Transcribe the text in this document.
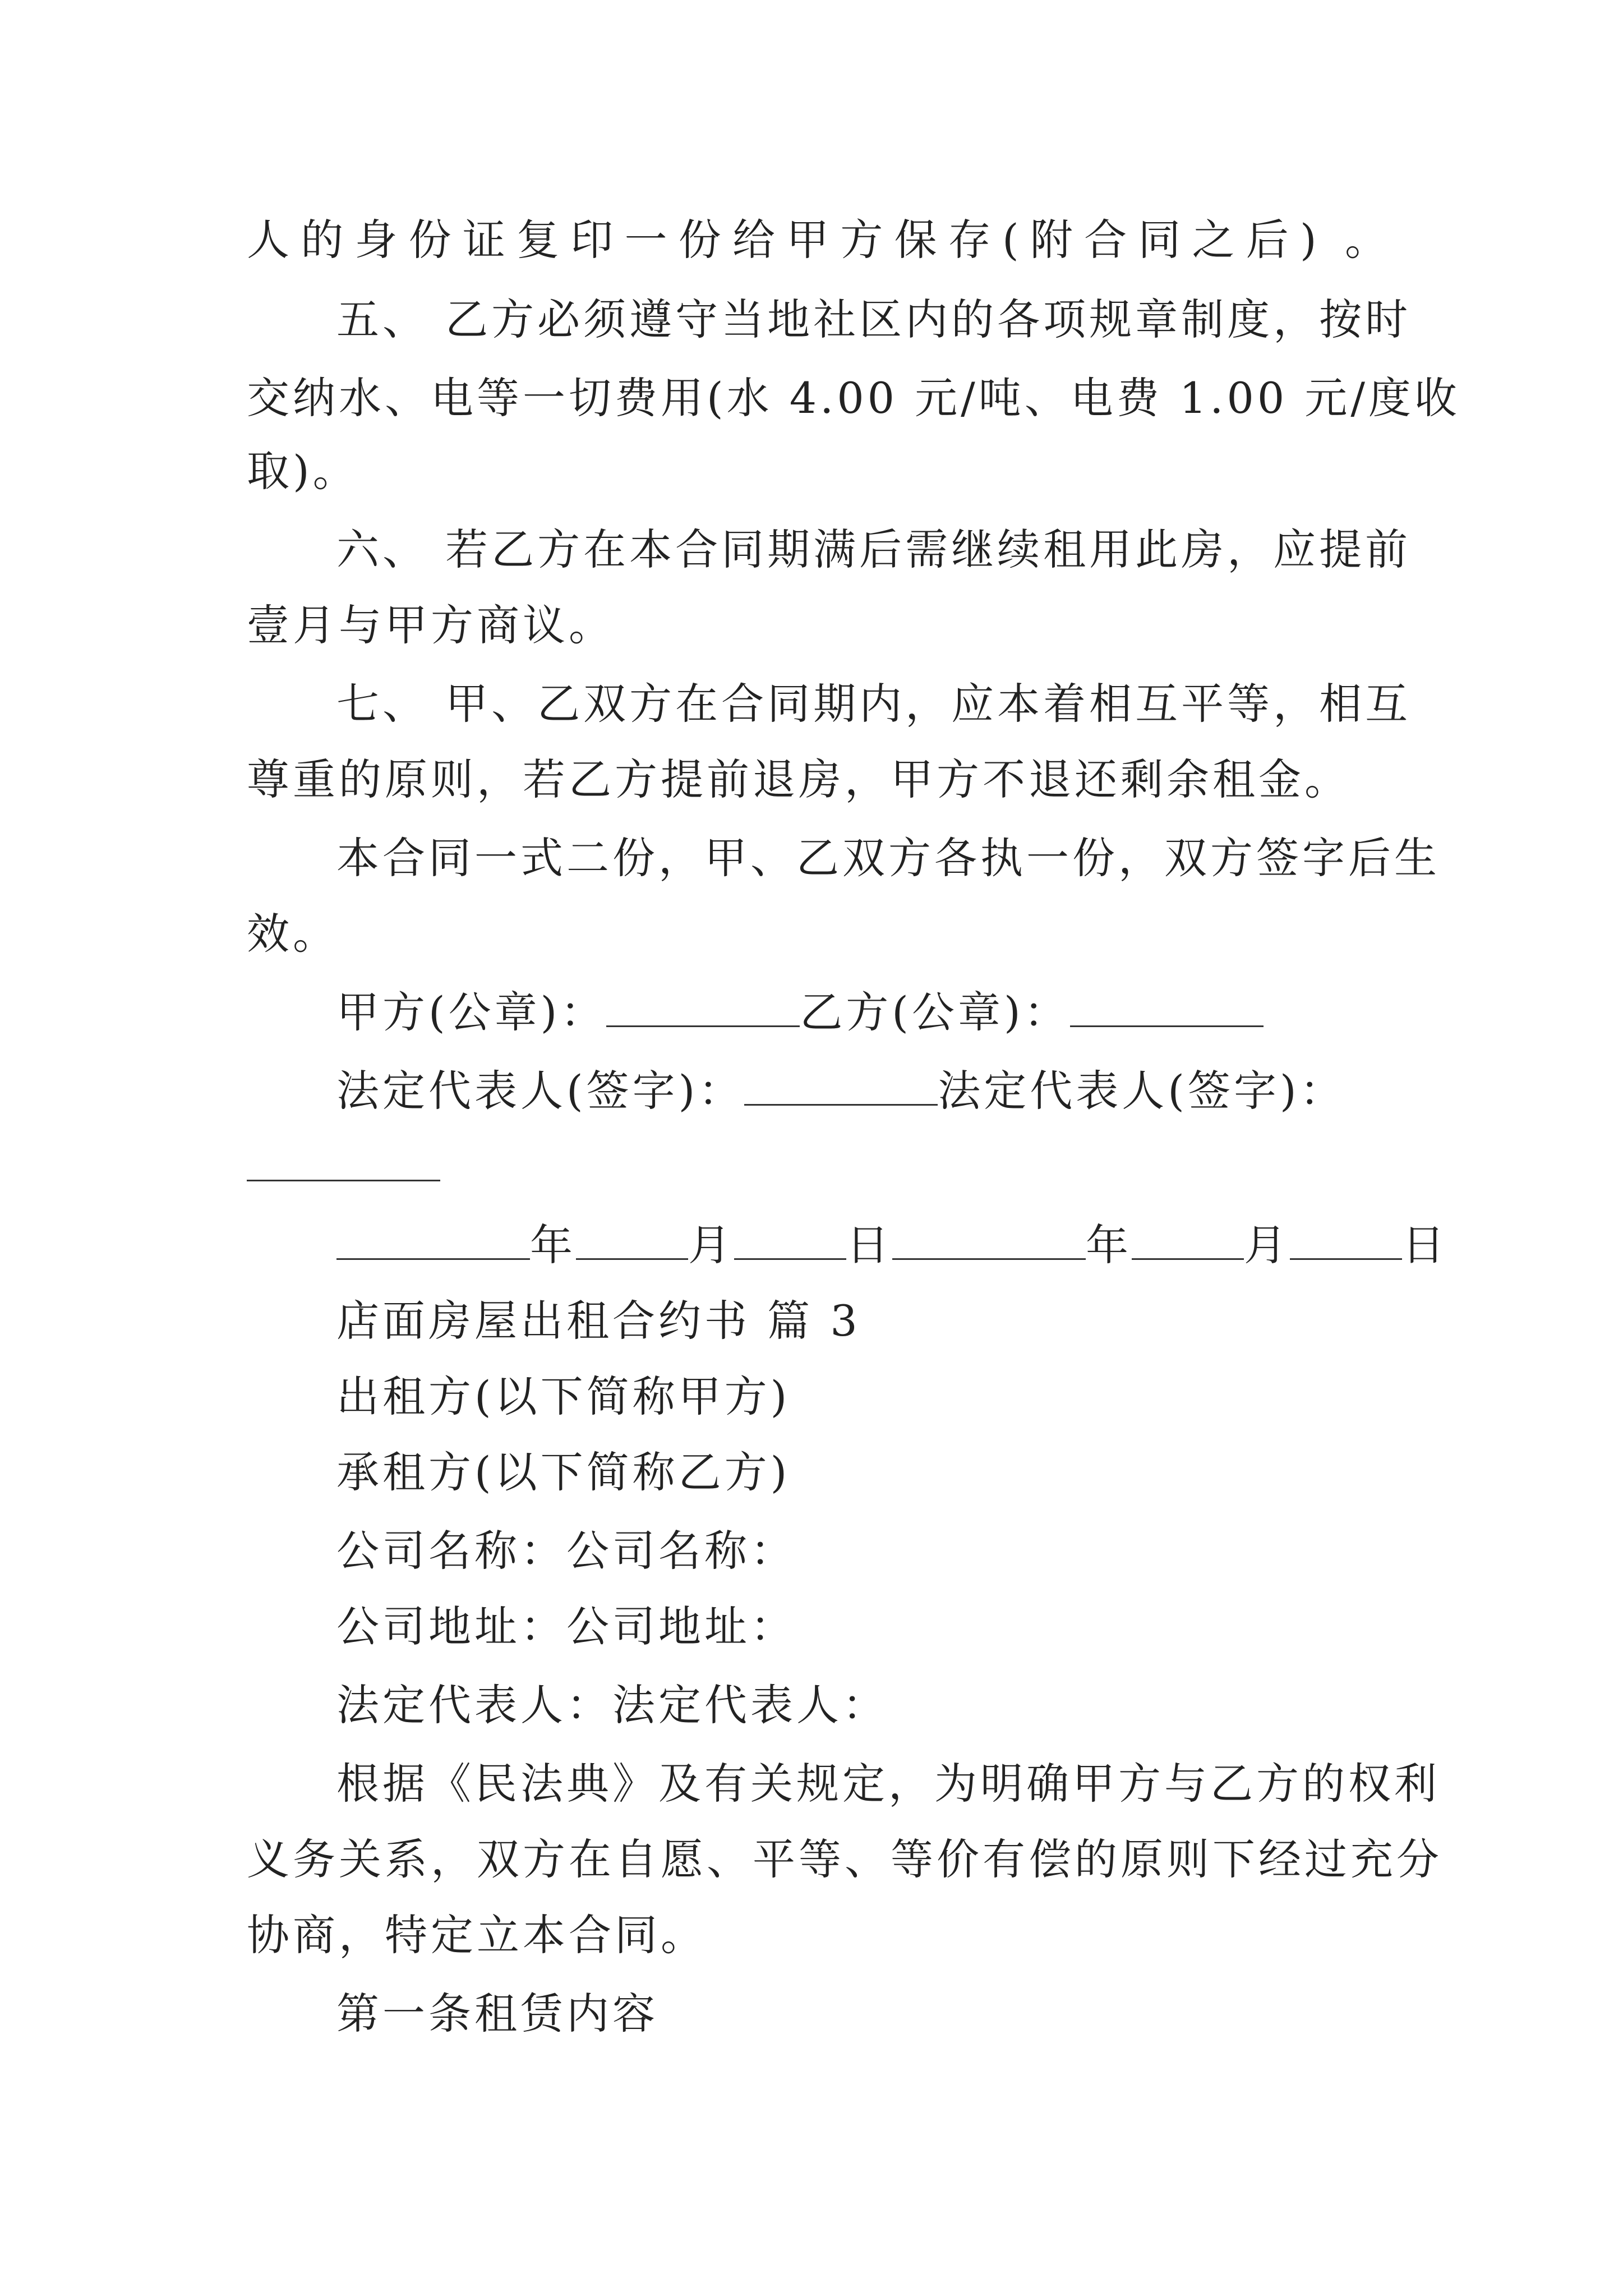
人的身份证复印一份给甲方保存(附合同之后) 。
五、 乙方必须遵守当地社区内的各项规章制度，按时
交纳水、电等一切费用(水 4.00 元/吨、电费 1.00 元/度收
取)。
六、 若乙方在本合同期满后需继续租用此房，应提前
壹月与甲方商议。
七、 甲、乙双方在合同期内，应本着相互平等，相互
尊重的原则，若乙方提前退房，甲方不退还剩余租金。
本合同一式二份，甲、乙双方各执一份，双方签字后生
效。
甲方(公章)：	乙方(公章)：
法定代表人(签字)：	法定代表人(签字)：
年	月	日	年	月	日
店面房屋出租合约书 篇 3
出租方(以下简称甲方)
承租方(以下简称乙方)
公司名称：公司名称：
公司地址：公司地址：
法定代表人：法定代表人：
根据《民法典》及有关规定，为明确甲方与乙方的权利
义务关系，双方在自愿、平等、等价有偿的原则下经过充分
协商，特定立本合同。
第一条租赁内容
